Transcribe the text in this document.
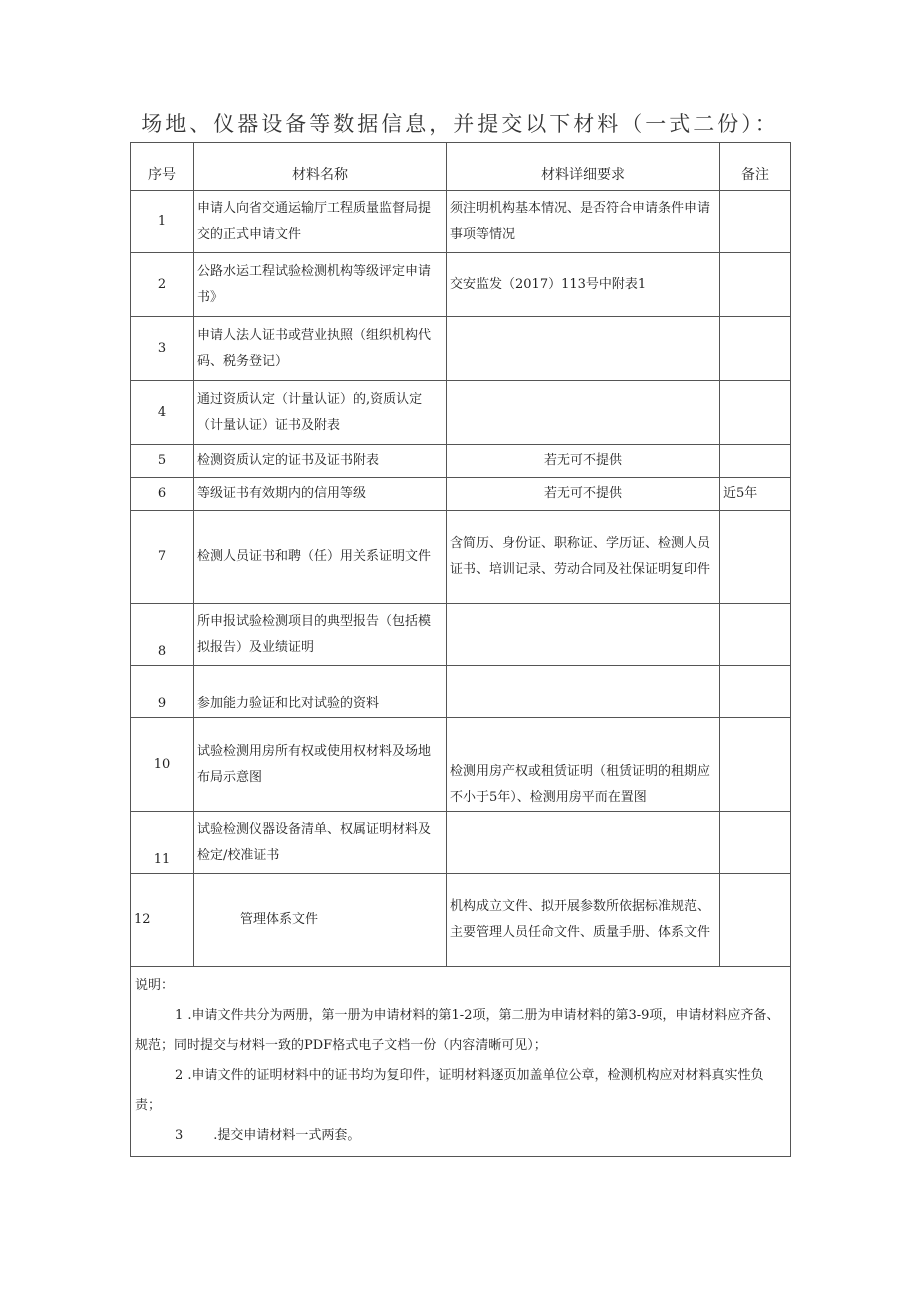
场地、仪器设备等数据信息，并提交以下材料（一式二份）：
序号	材料名称	材料详细要求	备注
1	申请人向省交通运输厅工程质量监督局提交的正式申请文件	须注明机构基本情况、是否符合申请条件申请事项等情况	
2	公路水运工程试验检测机构等级评定申请书》	交安监发（2017）113号中附表1	
3	申请人法人证书或营业执照（组织机构代码、税务登记）		
4	通过资质认定（计量认证）的,资质认定（计量认证）证书及附表		
5	检测资质认定的证书及证书附表	若无可不提供	
6	等级证书有效期内的信用等级	若无可不提供	近5年
7	检测人员证书和聘（任）用关系证明文件	含简历、身份证、职称证、学历证、检测人员证书、培训记录、劳动合同及社保证明复印件	
8	所申报试验检测项目的典型报告（包括模拟报告）及业绩证明		
9	参加能力验证和比对试验的资料		
10	试验检测用房所有权或使用权材料及场地布局示意图	检测用房产权或租赁证明（租赁证明的租期应不小于5年）、检测用房平而在置图	
11	试验检测仪器设备清单、权属证明材料及检定/校准证书		
12	管理体系文件	机构成立文件、拟开展参数所依据标准规范、主要管理人员任命文件、质量手册、体系文件	

说明：

1 .申请文件共分为两册，第一册为申请材料的第1-2项，第二册为申请材料的第3-9项，申请材料应齐备、规范；同时提交与材料一致的PDF格式电子文档一份（内容清晰可见）；

2 .申请文件的证明材料中的证书均为复印件，证明材料逐页加盖单位公章，检测机构应对材料真实性负责；

3 .提交申请材料一式两套。			
